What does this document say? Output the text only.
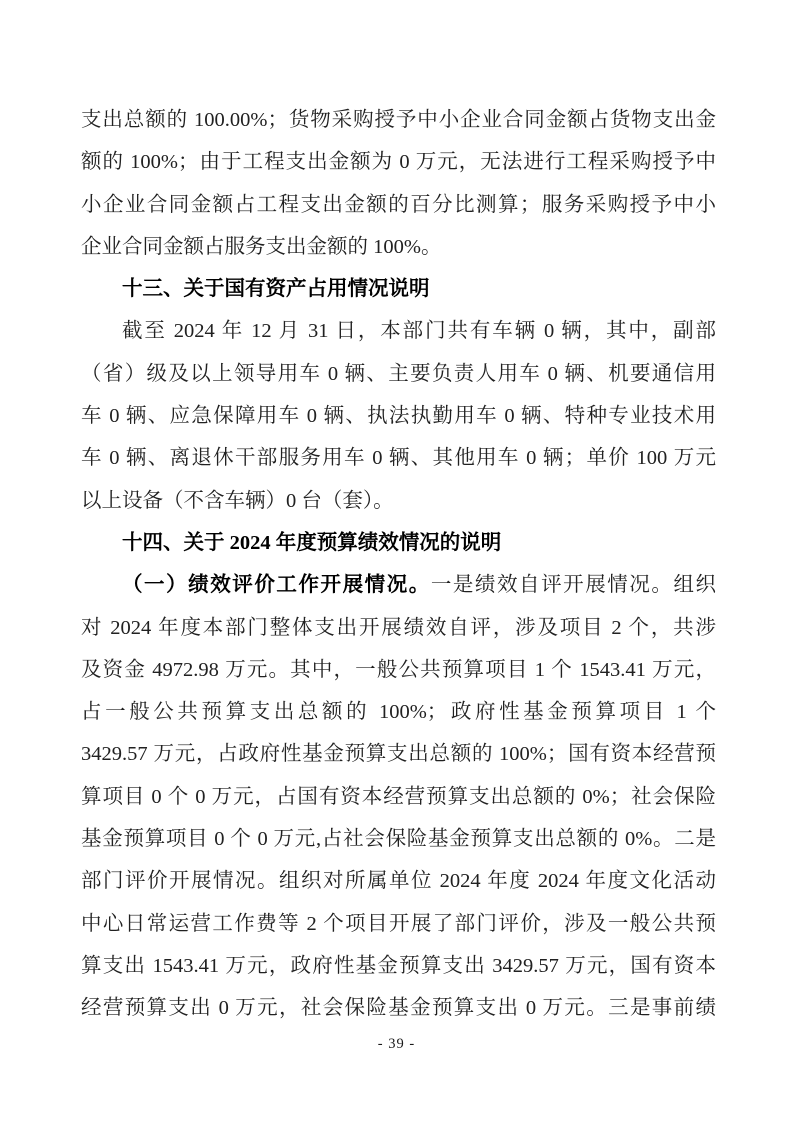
支出总额的 100.00%；货物采购授予中小企业合同金额占货物支出金
额的 100%；由于工程支出金额为 0 万元，无法进行工程采购授予中
小企业合同金额占工程支出金额的百分比测算；服务采购授予中小
企业合同金额占服务支出金额的 100%。
十三、关于国有资产占用情况说明
截至 2024 年 12 月 31 日，本部门共有车辆 0 辆，其中，副部
（省）级及以上领导用车 0 辆、主要负责人用车 0 辆、机要通信用
车 0 辆、应急保障用车 0 辆、执法执勤用车 0 辆、特种专业技术用
车 0 辆、离退休干部服务用车 0 辆、其他用车 0 辆；单价 100 万元
以上设备（不含车辆）0 台（套）。
十四、关于 2024 年度预算绩效情况的说明
（一）绩效评价工作开展情况。一是绩效自评开展情况。组织
对 2024 年度本部门整体支出开展绩效自评，涉及项目 2 个，共涉
及资金 4972.98 万元。其中，一般公共预算项目 1 个 1543.41 万元，
占一般公共预算支出总额的 100%；政府性基金预算项目 1 个
3429.57 万元，占政府性基金预算支出总额的 100%；国有资本经营预
算项目 0 个 0 万元，占国有资本经营预算支出总额的 0%；社会保险
基金预算项目 0 个 0 万元,占社会保险基金预算支出总额的 0%。二是
部门评价开展情况。组织对所属单位 2024 年度 2024 年度文化活动
中心日常运营工作费等 2 个项目开展了部门评价，涉及一般公共预
算支出 1543.41 万元，政府性基金预算支出 3429.57 万元，国有资本
经营预算支出 0 万元，社会保险基金预算支出 0 万元。三是事前绩
- 39 -
